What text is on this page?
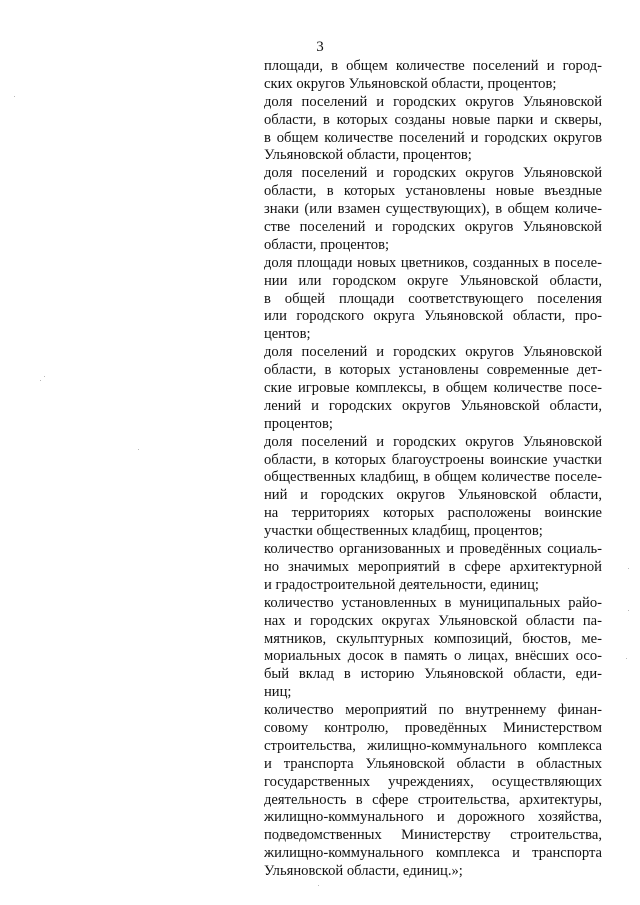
3
площади, в общем количестве поселений и город-
ских округов Ульяновской области, процентов;
доля поселений и городских округов Ульяновской
области, в которых созданы новые парки и скверы,
в общем количестве поселений и городских округов
Ульяновской области, процентов;
доля поселений и городских округов Ульяновской
области, в которых установлены новые въездные
знаки (или взамен существующих), в общем количе-
стве поселений и городских округов Ульяновской
области, процентов;
доля площади новых цветников, созданных в поселе-
нии или городском округе Ульяновской области,
в общей площади соответствующего поселения
или городского округа Ульяновской области, про-
центов;
доля поселений и городских округов Ульяновской
области, в которых установлены современные дет-
ские игровые комплексы, в общем количестве посе-
лений и городских округов Ульяновской области,
процентов;
доля поселений и городских округов Ульяновской
области, в которых благоустроены воинские участки
общественных кладбищ, в общем количестве поселе-
ний и городских округов Ульяновской области,
на территориях которых расположены воинские
участки общественных кладбищ, процентов;
количество организованных и проведённых социаль-
но значимых мероприятий в сфере архитектурной
и градостроительной деятельности, единиц;
количество установленных в муниципальных райо-
нах и городских округах Ульяновской области па-
мятников, скульптурных композиций, бюстов, ме-
мориальных досок в память о лицах, внёсших осо-
бый вклад в историю Ульяновской области, еди-
ниц;
количество мероприятий по внутреннему финан-
совому контролю, проведённых Министерством
строительства, жилищно-коммунального комплекса
и транспорта Ульяновской области в областных
государственных учреждениях, осуществляющих
деятельность в сфере строительства, архитектуры,
жилищно-коммунального и дорожного хозяйства,
подведомственных Министерству строительства,
жилищно-коммунального комплекса и транспорта
Ульяновской области, единиц.»;
